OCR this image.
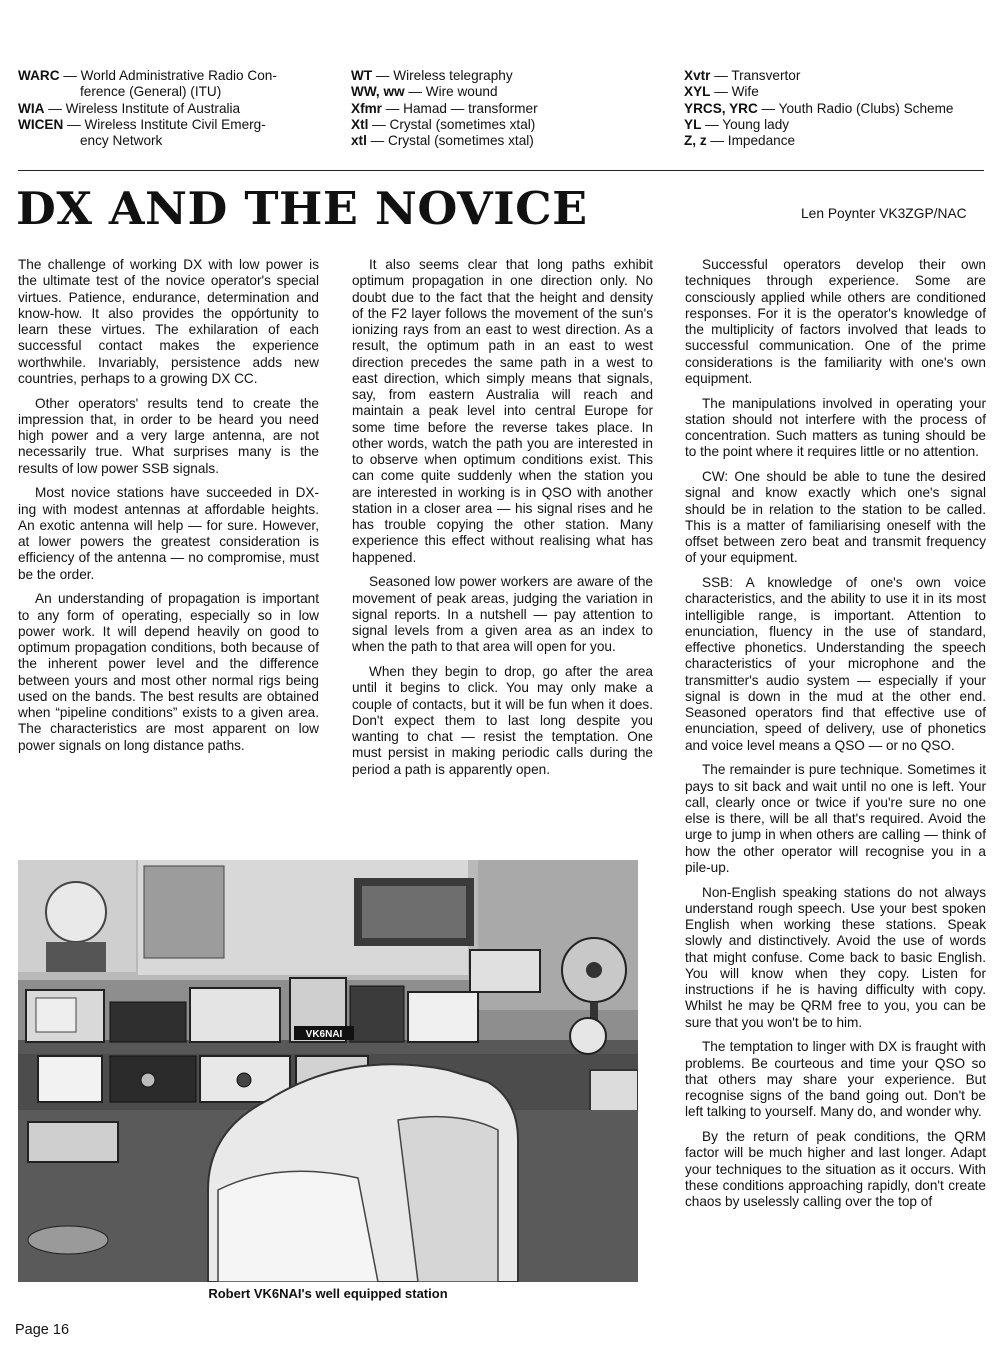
WARC — World Administrative Radio Con-
ference (General) (ITU)
WIA — Wireless Institute of Australia
WICEN — Wireless Institute Civil Emerg-
ency Network
WT — Wireless telegraphy
WW, ww — Wire wound
Xfmr — Hamad — transformer
Xtl — Crystal (sometimes xtal)
xtl — Crystal (sometimes xtal)
Xvtr — Transvertor
XYL — Wife
YRCS, YRC — Youth Radio (Clubs) Scheme
YL — Young lady
Z, z — Impedance
DX AND THE NOVICE	Len Poynter VK3ZGP/NAC

The challenge of working DX with low power is the ultimate test of the novice operator's special virtues. Patience, endurance, determination and know-how. It also provides the oppórtunity to learn these virtues. The exhilaration of each successful contact makes the experience worthwhile. Invariably, persistence adds new countries, perhaps to a growing DX CC.

Other operators' results tend to create the impression that, in order to be heard you need high power and a very large antenna, are not necessarily true. What surprises many is the results of low power SSB signals.

Most novice stations have succeeded in DX-ing with modest antennas at affordable heights. An exotic antenna will help — for sure. However, at lower powers the greatest consideration is efficiency of the antenna — no compromise, must be the order.

An understanding of propagation is important to any form of operating, especially so in low power work. It will depend heavily on good to optimum propagation conditions, both because of the inherent power level and the difference between yours and most other normal rigs being used on the bands. The best results are obtained when “pipeline conditions” exists to a given area. The characteristics are most apparent on low power signals on long distance paths.

It also seems clear that long paths exhibit optimum propagation in one direction only. No doubt due to the fact that the height and density of the F2 layer follows the movement of the sun's ionizing rays from an east to west direction. As a result, the optimum path in an east to west direction precedes the same path in a west to east direction, which simply means that signals, say, from eastern Australia will reach and maintain a peak level into central Europe for some time before the reverse takes place. In other words, watch the path you are interested in to observe when optimum conditions exist. This can come quite suddenly when the station you are interested in working is in QSO with another station in a closer area — his signal rises and he has trouble copying the other station. Many experience this effect without realising what has happened.

Seasoned low power workers are aware of the movement of peak areas, judging the variation in signal reports. In a nutshell — pay attention to signal levels from a given area as an index to when the path to that area will open for you.

When they begin to drop, go after the area until it begins to click. You may only make a couple of contacts, but it will be fun when it does. Don't expect them to last long despite you wanting to chat — resist the temptation. One must persist in making periodic calls during the period a path is apparently open.

Successful operators develop their own techniques through experience. Some are consciously applied while others are conditioned responses. For it is the operator's knowledge of the multiplicity of factors involved that leads to successful communication. One of the prime considerations is the familiarity with one's own equipment.

The manipulations involved in operating your station should not interfere with the process of concentration. Such matters as tuning should be to the point where it requires little or no attention.

CW: One should be able to tune the desired signal and know exactly which one's signal should be in relation to the station to be called. This is a matter of familiarising oneself with the offset between zero beat and transmit frequency of your equipment.

SSB: A knowledge of one's own voice characteristics, and the ability to use it in its most intelligible range, is important. Attention to enunciation, fluency in the use of standard, effective phonetics. Understanding the speech characteristics of your microphone and the transmitter's audio system — especially if your signal is down in the mud at the other end. Seasoned operators find that effective use of enunciation, speed of delivery, use of phonetics and voice level means a QSO — or no QSO.

The remainder is pure technique. Sometimes it pays to sit back and wait until no one is left. Your call, clearly once or twice if you're sure no one else is there, will be all that's required. Avoid the urge to jump in when others are calling — think of how the other operator will recognise you in a pile-up.

Non-English speaking stations do not always understand rough speech. Use your best spoken English when working these stations. Speak slowly and distinctively. Avoid the use of words that might confuse. Come back to basic English. You will know when they copy. Listen for instructions if he is having difficulty with copy. Whilst he may be QRM free to you, you can be sure that you won't be to him.

The temptation to linger with DX is fraught with problems. Be courteous and time your QSO so that others may share your experience. But recognise signs of the band going out. Don't be left talking to yourself. Many do, and wonder why.

By the return of peak conditions, the QRM factor will be much higher and last longer. Adapt your techniques to the situation as it occurs. With these conditions approaching rapidly, don't create chaos by uselessly calling over the top of

VK6NAI
Robert VK6NAI's well equipped station
Page 16
